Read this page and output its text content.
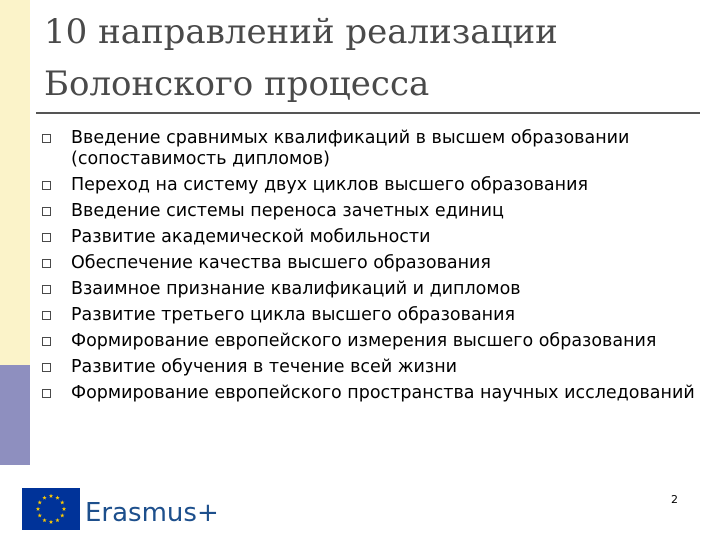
10 направлений реализации Болонского процесса
Введение сравнимых квалификаций в высшем образовании (сопоставимость дипломов)
Переход на систему двух циклов высшего образования
Введение системы переноса зачетных единиц
Развитие академической мобильности
Обеспечение качества высшего образования
Взаимное признание квалификаций и дипломов
Развитие третьего цикла высшего образования
Формирование европейского измерения высшего образования
Развитие обучения в течение всей жизни
Формирование европейского пространства научных исследований
2
Erasmus+
